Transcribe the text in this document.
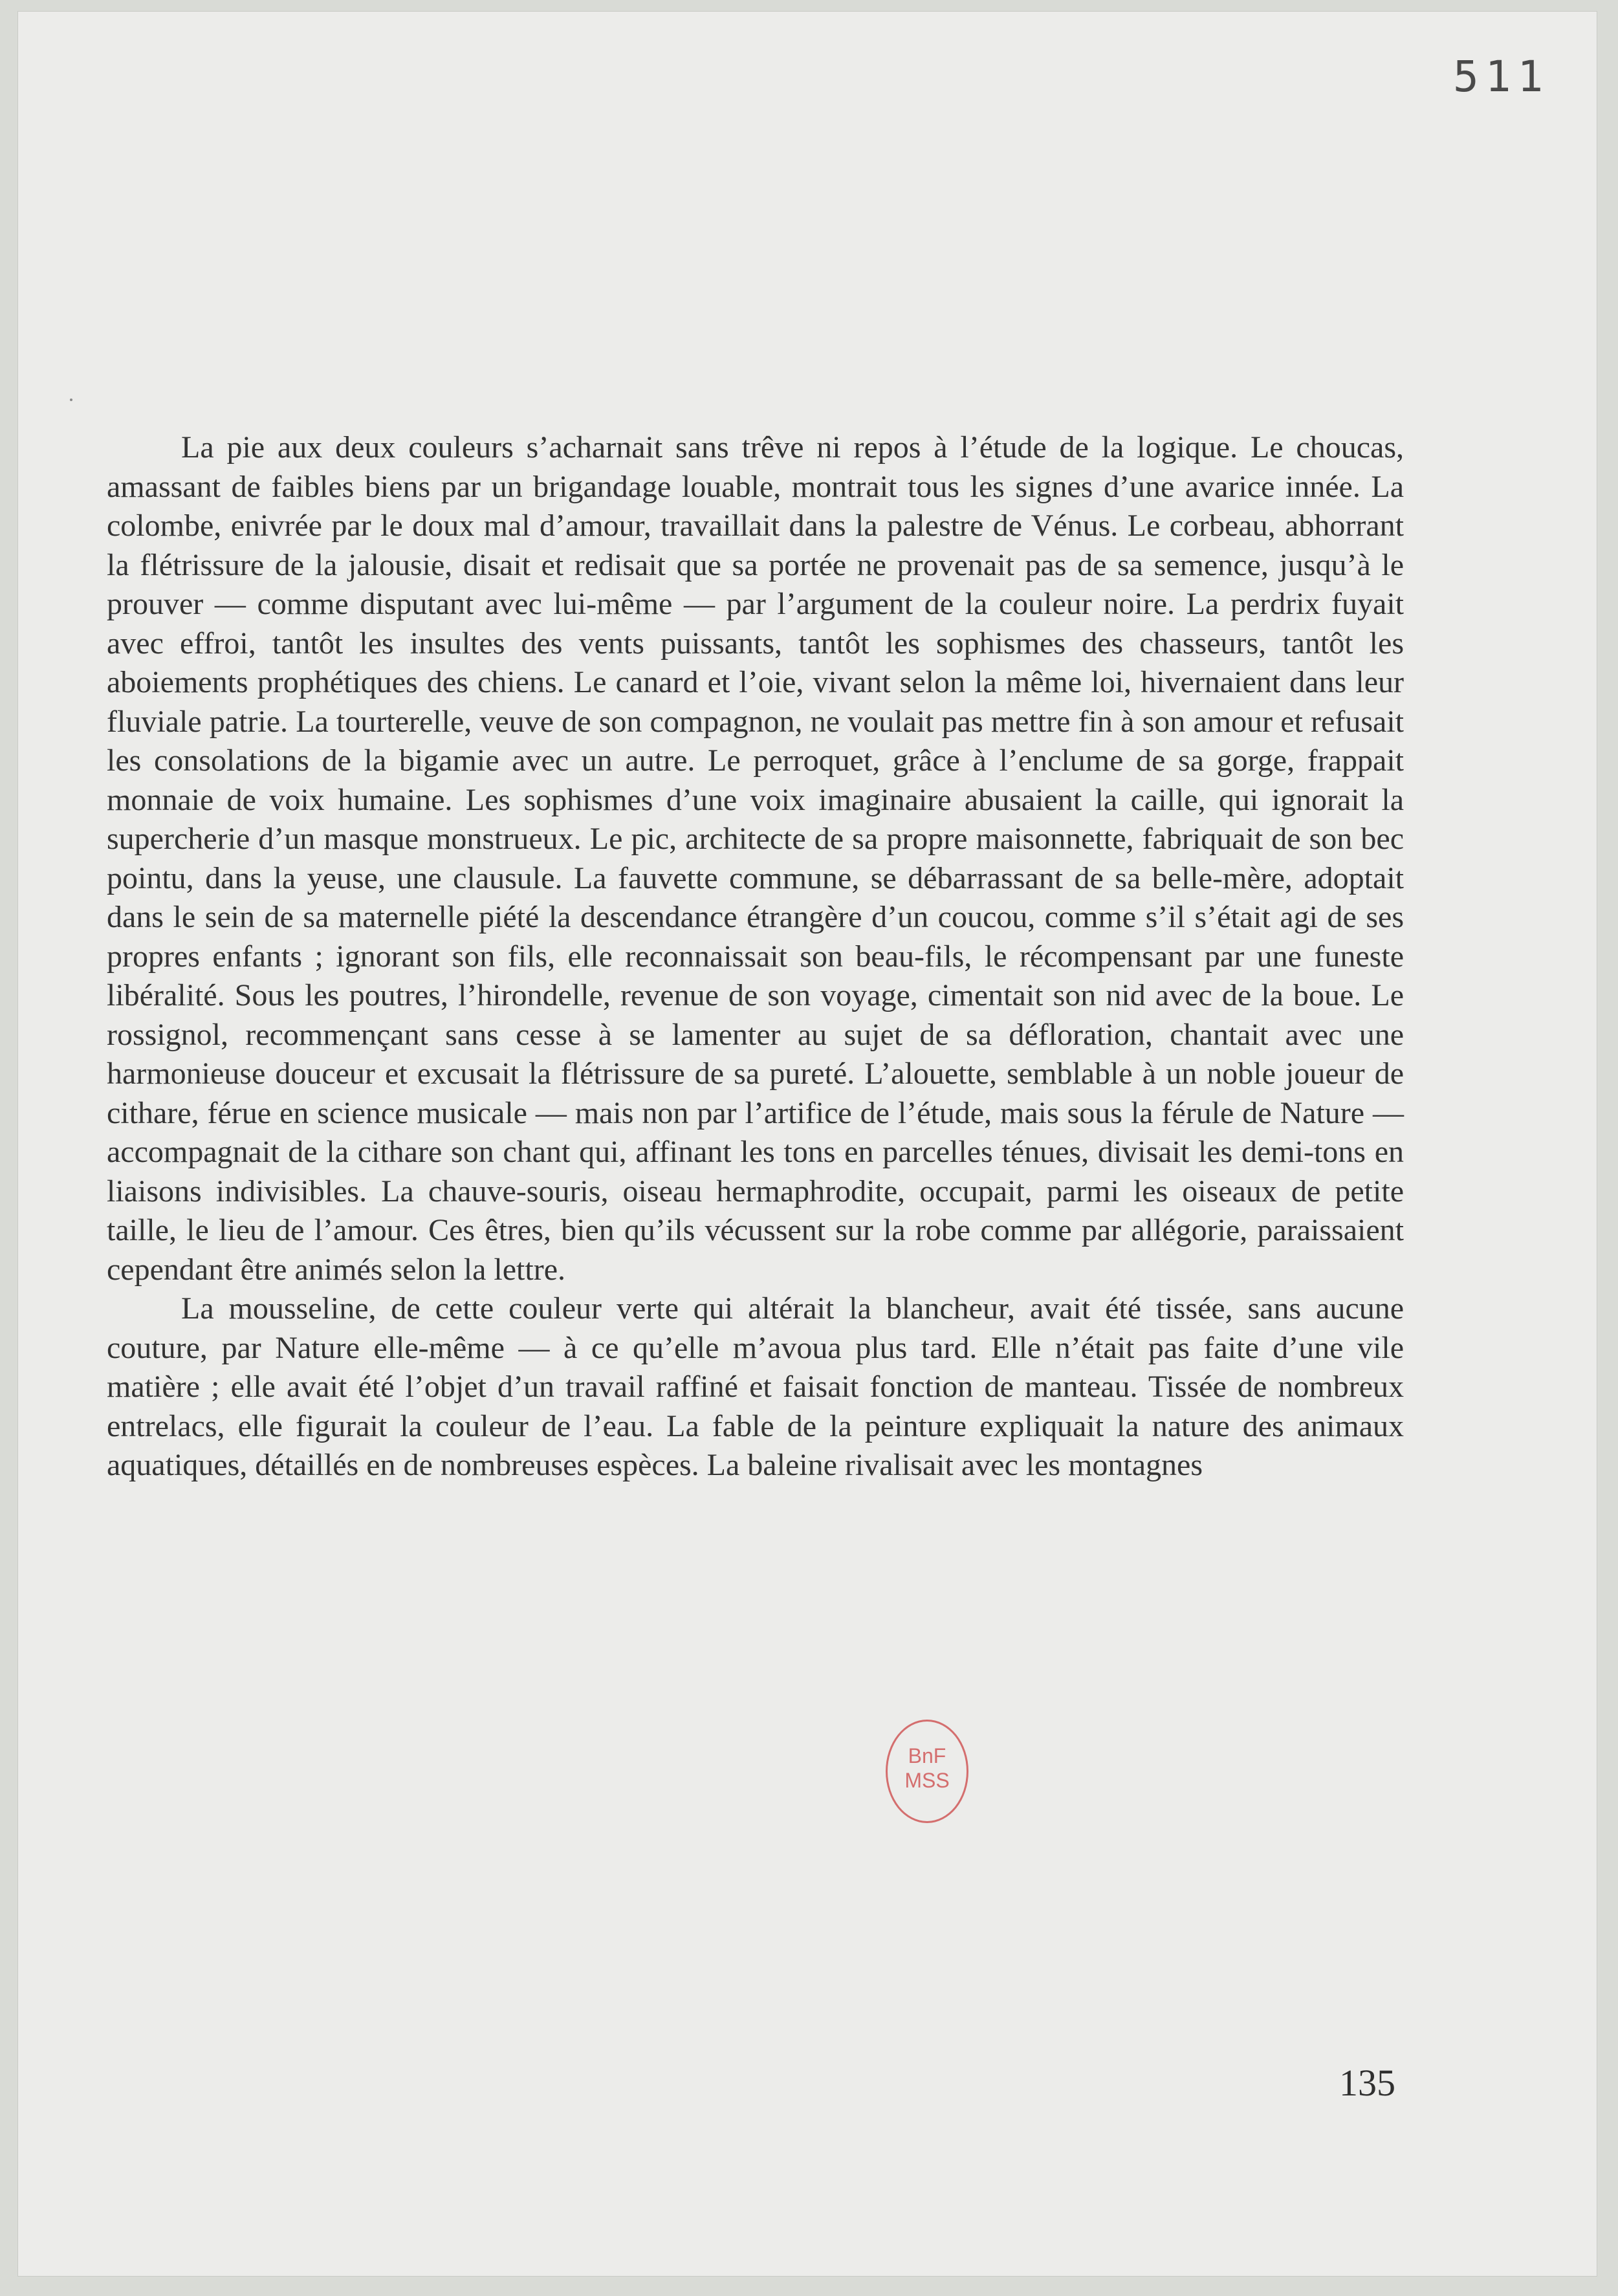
511

La pie aux deux couleurs s’acharnait sans trêve ni repos à l’étude de la logique. Le choucas, amassant de faibles biens par un brigandage louable, montrait tous les signes d’une avarice innée. La colombe, enivrée par le doux mal d’amour, travaillait dans la palestre de Vénus. Le corbeau, abhorrant la flétrissure de la jalousie, disait et redisait que sa portée ne provenait pas de sa semence, jusqu’à le prouver — comme disputant avec lui-même — par l’argument de la couleur noire. La perdrix fuyait avec effroi, tantôt les insultes des vents puissants, tantôt les sophismes des chasseurs, tantôt les aboiements prophétiques des chiens. Le canard et l’oie, vivant selon la même loi, hivernaient dans leur fluviale patrie. La tourterelle, veuve de son compagnon, ne voulait pas mettre fin à son amour et refusait les consolations de la bigamie avec un autre. Le perroquet, grâce à l’enclume de sa gorge, frappait monnaie de voix humaine. Les sophismes d’une voix imaginaire abusaient la caille, qui ignorait la supercherie d’un masque monstrueux. Le pic, architecte de sa propre maisonnette, fabriquait de son bec pointu, dans la yeuse, une clausule. La fauvette commune, se débarrassant de sa belle-mère, adoptait dans le sein de sa maternelle piété la descendance étrangère d’un coucou, comme s’il s’était agi de ses propres enfants ; ignorant son fils, elle reconnaissait son beau-fils, le récompensant par une funeste libéralité. Sous les poutres, l’hirondelle, revenue de son voyage, cimentait son nid avec de la boue. Le rossignol, recommençant sans cesse à se lamenter au sujet de sa défloration, chantait avec une harmonieuse douceur et excusait la flétrissure de sa pureté. L’alouette, semblable à un noble joueur de cithare, férue en science musicale — mais non par l’artifice de l’étude, mais sous la férule de Nature — accompagnait de la cithare son chant qui, affinant les tons en parcelles ténues, divisait les demi-tons en liaisons indivisibles. La chauve-souris, oiseau hermaphrodite, occupait, parmi les oiseaux de petite taille, le lieu de l’amour. Ces êtres, bien qu’ils vécussent sur la robe comme par allégorie, paraissaient cependant être animés selon la lettre.

La mousseline, de cette couleur verte qui altérait la blancheur, avait été tissée, sans aucune couture, par Nature elle-même — à ce qu’elle m’avoua plus tard. Elle n’était pas faite d’une vile matière ; elle avait été l’objet d’un travail raffiné et faisait fonction de manteau. Tissée de nombreux entrelacs, elle figurait la couleur de l’eau. La fable de la peinture expliquait la nature des animaux aquatiques, détaillés en de nombreuses espèces. La baleine rivalisait avec les montagnes

BnF
MSS
135
